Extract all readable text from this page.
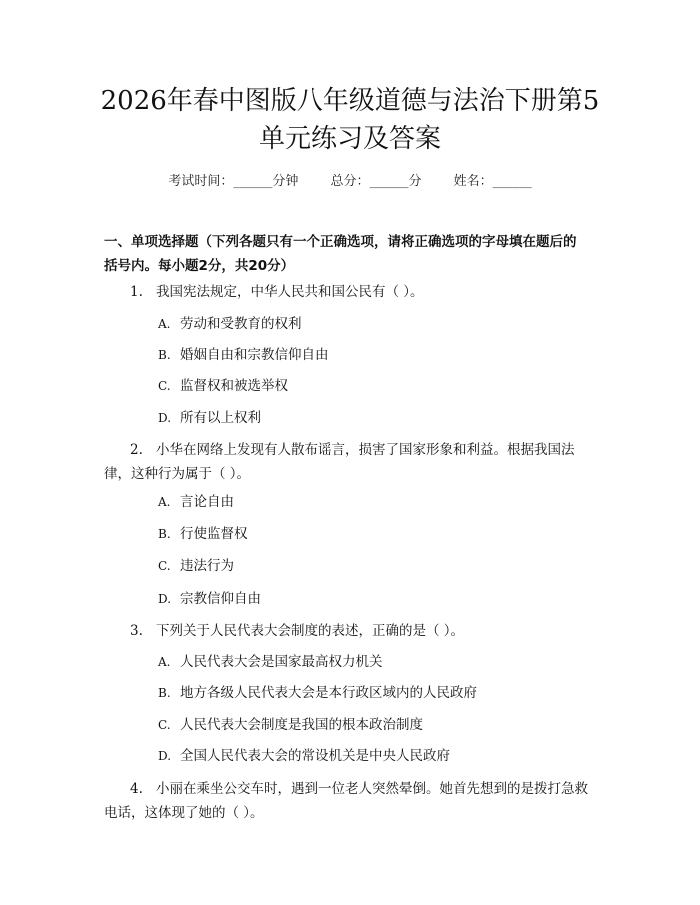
2026年春中图版八年级道德与法治下册第5
单元练习及答案
考试时间：______分钟 总分：______分 姓名：______
一、单项选择题（下列各题只有一个正确选项，请将正确选项的字母填在题后的
括号内。每小题2分，共20分）
1. 我国宪法规定，中华人民共和国公民有（ ）。
A. 劳动和受教育的权利
B. 婚姻自由和宗教信仰自由
C. 监督权和被选举权
D. 所有以上权利
2. 小华在网络上发现有人散布谣言，损害了国家形象和利益。根据我国法
律，这种行为属于（ ）。
A. 言论自由
B. 行使监督权
C. 违法行为
D. 宗教信仰自由
3. 下列关于人民代表大会制度的表述，正确的是（ ）。
A. 人民代表大会是国家最高权力机关
B. 地方各级人民代表大会是本行政区域内的人民政府
C. 人民代表大会制度是我国的根本政治制度
D. 全国人民代表大会的常设机关是中央人民政府
4. 小丽在乘坐公交车时，遇到一位老人突然晕倒。她首先想到的是拨打急救
电话，这体现了她的（ ）。
